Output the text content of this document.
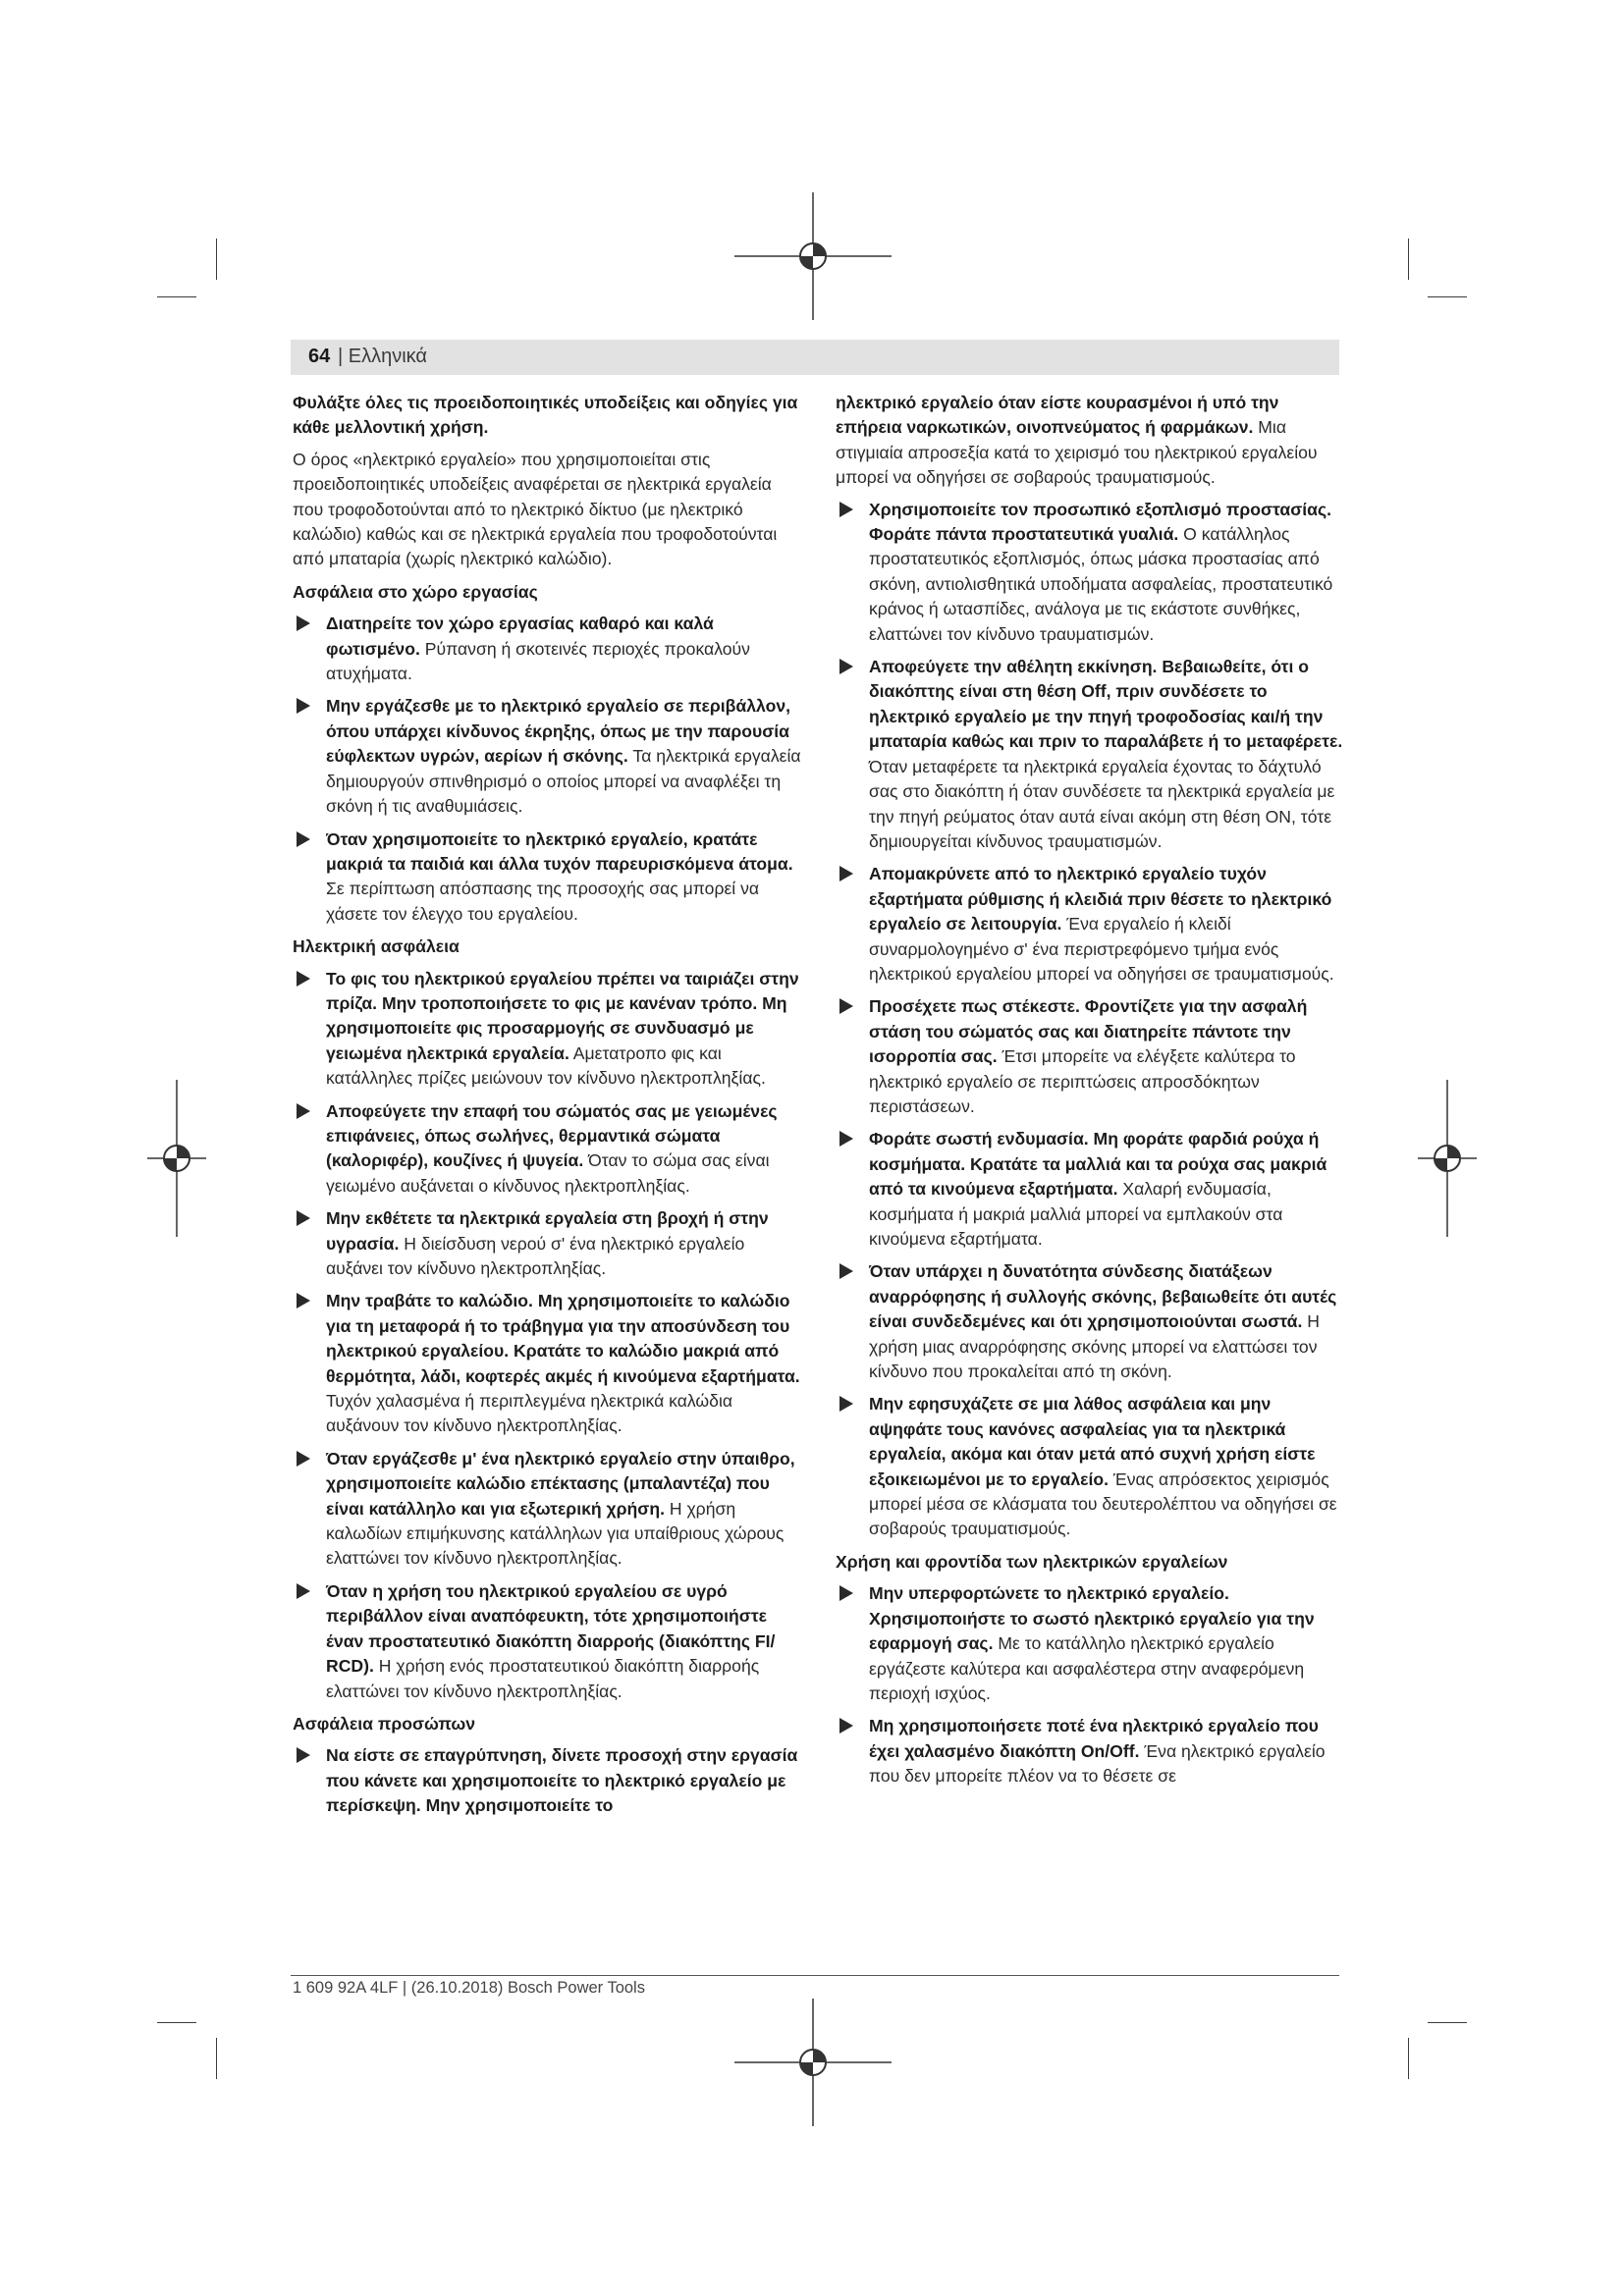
64 | Ελληνικά

Φυλάξτε όλες τις προειδοποιητικές υποδείξεις και οδηγίες για κάθε μελλοντική χρήση.

Ο όρος «ηλεκτρικό εργαλείο» που χρησιμοποιείται στις προειδοποιητικές υποδείξεις αναφέρεται σε ηλεκτρικά εργαλεία που τροφοδοτούνται από το ηλεκτρικό δίκτυο (με ηλεκτρικό καλώδιο) καθώς και σε ηλεκτρικά εργαλεία που τροφοδοτούνται από μπαταρία (χωρίς ηλεκτρικό καλώδιο).

Ασφάλεια στο χώρο εργασίας
Διατηρείτε τον χώρο εργασίας καθαρό και καλά φωτισμένο. Ρύπανση ή σκοτεινές περιοχές προκαλούν ατυχήματα.
Μην εργάζεσθε με το ηλεκτρικό εργαλείο σε περιβάλλον, όπου υπάρχει κίνδυνος έκρηξης, όπως με την παρουσία εύφλεκτων υγρών, αερίων ή σκόνης. Τα ηλεκτρικά εργαλεία δημιουργούν σπινθηρισμό ο οποίος μπορεί να αναφλέξει τη σκόνη ή τις αναθυμιάσεις.
Όταν χρησιμοποιείτε το ηλεκτρικό εργαλείο, κρατάτε μακριά τα παιδιά και άλλα τυχόν παρευρισκόμενα άτομα. Σε περίπτωση απόσπασης της προσοχής σας μπορεί να χάσετε τον έλεγχο του εργαλείου.
Ηλεκτρική ασφάλεια
Το φις του ηλεκτρικού εργαλείου πρέπει να ταιριάζει στην πρίζα. Μην τροποποιήσετε το φις με κανέναν τρόπο. Μη χρησιμοποιείτε φις προσαρμογής σε συνδυασμό με γειωμένα ηλεκτρικά εργαλεία. Αμετατροπο φις και κατάλληλες πρίζες μειώνουν τον κίνδυνο ηλεκτροπληξίας.
Αποφεύγετε την επαφή του σώματός σας με γειωμένες επιφάνειες, όπως σωλήνες, θερμαντικά σώματα (καλοριφέρ), κουζίνες ή ψυγεία. Όταν το σώμα σας είναι γειωμένο αυξάνεται ο κίνδυνος ηλεκτροπληξίας.
Μην εκθέτετε τα ηλεκτρικά εργαλεία στη βροχή ή στην υγρασία. Η διείσδυση νερού σ' ένα ηλεκτρικό εργαλείο αυξάνει τον κίνδυνο ηλεκτροπληξίας.
Μην τραβάτε το καλώδιο. Μη χρησιμοποιείτε το καλώδιο για τη μεταφορά ή το τράβηγμα για την αποσύνδεση του ηλεκτρικού εργαλείου. Κρατάτε το καλώδιο μακριά από θερμότητα, λάδι, κοφτερές ακμές ή κινούμενα εξαρτήματα. Τυχόν χαλασμένα ή περιπλεγμένα ηλεκτρικά καλώδια αυξάνουν τον κίνδυνο ηλεκτροπληξίας.
Όταν εργάζεσθε μ' ένα ηλεκτρικό εργαλείο στην ύπαιθρο, χρησιμοποιείτε καλώδιο επέκτασης (μπαλαντέζα) που είναι κατάλληλο και για εξωτερική χρήση. Η χρήση καλωδίων επιμήκυνσης κατάλληλων για υπαίθριους χώρους ελαττώνει τον κίνδυνο ηλεκτροπληξίας.
Όταν η χρήση του ηλεκτρικού εργαλείου σε υγρό περιβάλλον είναι αναπόφευκτη, τότε χρησιμοποιήστε έναν προστατευτικό διακόπτη διαρροής (διακόπτης FI/ RCD). Η χρήση ενός προστατευτικού διακόπτη διαρροής ελαττώνει τον κίνδυνο ηλεκτροπληξίας.
Ασφάλεια προσώπων
Να είστε σε επαγρύπνηση, δίνετε προσοχή στην εργασία που κάνετε και χρησιμοποιείτε το ηλεκτρικό εργαλείο με περίσκεψη. Μην χρησιμοποιείτε το

ηλεκτρικό εργαλείο όταν είστε κουρασμένοι ή υπό την επήρεια ναρκωτικών, οινοπνεύματος ή φαρμάκων. Μια στιγμιαία απροσεξία κατά το χειρισμό του ηλεκτρικού εργαλείου μπορεί να οδηγήσει σε σοβαρούς τραυματισμούς.

Χρησιμοποιείτε τον προσωπικό εξοπλισμό προστασίας. Φοράτε πάντα προστατευτικά γυαλιά. Ο κατάλληλος προστατευτικός εξοπλισμός, όπως μάσκα προστασίας από σκόνη, αντιολισθητικά υποδήματα ασφαλείας, προστατευτικό κράνος ή ωτασπίδες, ανάλογα με τις εκάστοτε συνθήκες, ελαττώνει τον κίνδυνο τραυματισμών.
Αποφεύγετε την αθέλητη εκκίνηση. Βεβαιωθείτε, ότι ο διακόπτης είναι στη θέση Off, πριν συνδέσετε το ηλεκτρικό εργαλείο με την πηγή τροφοδοσίας και/ή την μπαταρία καθώς και πριν το παραλάβετε ή το μεταφέρετε. Όταν μεταφέρετε τα ηλεκτρικά εργαλεία έχοντας το δάχτυλό σας στο διακόπτη ή όταν συνδέσετε τα ηλεκτρικά εργαλεία με την πηγή ρεύματος όταν αυτά είναι ακόμη στη θέση ON, τότε δημιουργείται κίνδυνος τραυματισμών.
Απομακρύνετε από το ηλεκτρικό εργαλείο τυχόν εξαρτήματα ρύθμισης ή κλειδιά πριν θέσετε το ηλεκτρικό εργαλείο σε λειτουργία. Ένα εργαλείο ή κλειδί συναρμολογημένο σ' ένα περιστρεφόμενο τμήμα ενός ηλεκτρικού εργαλείου μπορεί να οδηγήσει σε τραυματισμούς.
Προσέχετε πως στέκεστε. Φροντίζετε για την ασφαλή στάση του σώματός σας και διατηρείτε πάντοτε την ισορροπία σας. Έτσι μπορείτε να ελέγξετε καλύτερα το ηλεκτρικό εργαλείο σε περιπτώσεις απροσδόκητων περιστάσεων.
Φοράτε σωστή ενδυμασία. Μη φοράτε φαρδιά ρούχα ή κοσμήματα. Κρατάτε τα μαλλιά και τα ρούχα σας μακριά από τα κινούμενα εξαρτήματα. Χαλαρή ενδυμασία, κοσμήματα ή μακριά μαλλιά μπορεί να εμπλακούν στα κινούμενα εξαρτήματα.
Όταν υπάρχει η δυνατότητα σύνδεσης διατάξεων αναρρόφησης ή συλλογής σκόνης, βεβαιωθείτε ότι αυτές είναι συνδεδεμένες και ότι χρησιμοποιούνται σωστά. Η χρήση μιας αναρρόφησης σκόνης μπορεί να ελαττώσει τον κίνδυνο που προκαλείται από τη σκόνη.
Μην εφησυχάζετε σε μια λάθος ασφάλεια και μην αψηφάτε τους κανόνες ασφαλείας για τα ηλεκτρικά εργαλεία, ακόμα και όταν μετά από συχνή χρήση είστε εξοικειωμένοι με το εργαλείο. Ένας απρόσεκτος χειρισμός μπορεί μέσα σε κλάσματα του δευτερολέπτου να οδηγήσει σε σοβαρούς τραυματισμούς.
Χρήση και φροντίδα των ηλεκτρικών εργαλείων
Μην υπερφορτώνετε το ηλεκτρικό εργαλείο. Χρησιμοποιήστε το σωστό ηλεκτρικό εργαλείο για την εφαρμογή σας. Με το κατάλληλο ηλεκτρικό εργαλείο εργάζεστε καλύτερα και ασφαλέστερα στην αναφερόμενη περιοχή ισχύος.
Μη χρησιμοποιήσετε ποτέ ένα ηλεκτρικό εργαλείο που έχει χαλασμένο διακόπτη On/Off. Ένα ηλεκτρικό εργαλείο που δεν μπορείτε πλέον να το θέσετε σε
1 609 92A 4LF | (26.10.2018) Bosch Power Tools
